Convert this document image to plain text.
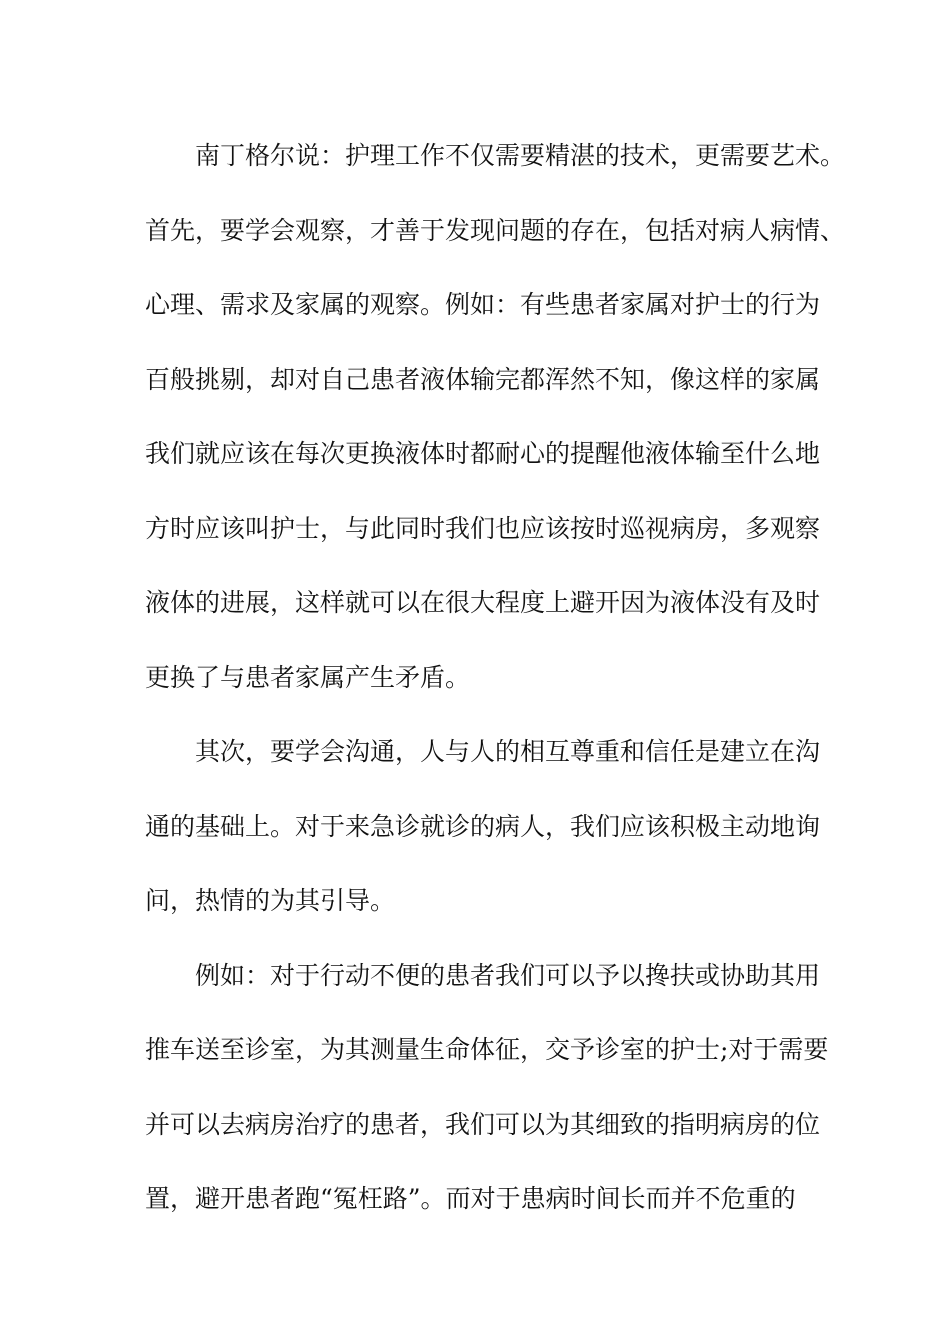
南丁格尔说：护理工作不仅需要精湛的技术，更需要艺术。
首先，要学会观察，才善于发现问题的存在，包括对病人病情、
心理、需求及家属的观察。例如：有些患者家属对护士的行为
百般挑剔，却对自己患者液体输完都浑然不知，像这样的家属
我们就应该在每次更换液体时都耐心的提醒他液体输至什么地
方时应该叫护士，与此同时我们也应该按时巡视病房，多观察
液体的进展，这样就可以在很大程度上避开因为液体没有及时
更换了与患者家属产生矛盾。
其次，要学会沟通，人与人的相互尊重和信任是建立在沟
通的基础上。对于来急诊就诊的病人，我们应该积极主动地询
问，热情的为其引导。
例如：对于行动不便的患者我们可以予以搀扶或协助其用
推车送至诊室，为其测量生命体征，交予诊室的护士;对于需要
并可以去病房治疗的患者，我们可以为其细致的指明病房的位
置，避开患者跑“冤枉路”。而对于患病时间长而并不危重的
